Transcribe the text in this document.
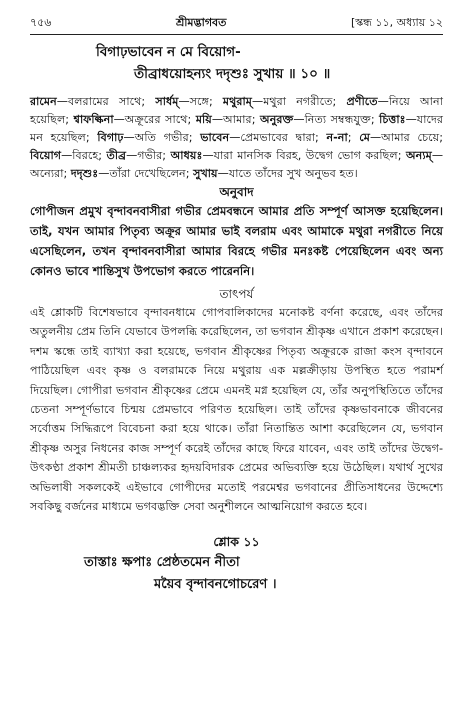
৭৫৬	শ্রীমদ্ভাগবত	[স্কন্ধ ১১, অধ্যায় ১২
বিগাঢ়ভাবেন ন মে বিয়োগ-
তীব্রাধয়োহন্যং দদৃশুঃ সুখায় ॥ ১০ ॥
রামেন—বলরামের সাথে; সার্ধম্—সঙ্গে; মথুরাম্—মথুরা নগরীতে; প্রণীতে—নিয়ে আনা হয়েছিল; শ্বাফল্কিনা—অক্রূরের সাথে; ময়ি—আমার; অনুরক্ত—নিত্য সম্বন্ধযুক্ত; চিত্তাঃ—যাদের মন হয়েছিল; বিগাঢ়—অতি গভীর; ভাবেন—প্রেমভাবের দ্বারা; ন-না; মে—আমার চেয়ে; বিয়োগ—বিরহে; তীব্র—গভীর; আধয়ঃ—যারা মানসিক বিরহ, উদ্বেগ ভোগ করছিল; অন্যম্—অন্যেরা; দদৃশুঃ—তাঁরা দেখেছিলেন; সুখায়—যাতে তাঁদের সুখ অনুভব হত।
অনুবাদ
গোপীজন প্রমুখ বৃন্দাবনবাসীরা গভীর প্রেমবন্ধনে আমার প্রতি সম্পূর্ণ আসক্ত হয়েছিলেন। তাই, যখন আমার পিতৃব্য অক্রূর আমার ভাই বলরাম এবং আমাকে মথুরা নগরীতে নিয়ে এসেছিলেন, তখন বৃন্দাবনবাসীরা আমার বিরহে গভীর মনঃকষ্ট পেয়েছিলেন এবং অন্য কোনও ভাবে শান্তিসুখ উপভোগ করতে পারেননি।
তাৎপর্য

এই শ্লোকটি বিশেষভাবে বৃন্দাবনধামে গোপবালিকাদের মনোকষ্ট বর্ণনা করেছে, এবং তাঁদের অতুলনীয় প্রেম তিনি যেভাবে উপলব্ধি করেছিলেন, তা ভগবান শ্রীকৃষ্ণ এখানে প্রকাশ করেছেন। দশম স্কন্ধে তাই ব্যাখ্যা করা হয়েছে, ভগবান শ্রীকৃষ্ণের পিতৃব্য অক্রূরকে রাজা কংস বৃন্দাবনে পাঠিয়েছিল এবং কৃষ্ণ ও বলরামকে নিয়ে মথুরায় এক মল্লক্রীড়ায় উপস্থিত হতে পরামর্শ দিয়েছিল। গোপীরা ভগবান শ্রীকৃষ্ণের প্রেমে এমনই মগ্ন হয়েছিল যে, তাঁর অনুপস্থিতিতে তাঁদের চেতনা সম্পূর্ণভাবে চিন্ময় প্রেমভাবে পরিণত হয়েছিল। তাই তাঁদের কৃষ্ণভাবনাকে জীবনের সর্বোত্তম সিদ্ধিরূপে বিবেচনা করা হয়ে থাকে। তাঁরা নিতান্তিত আশা করেছিলেন যে, ভগবান শ্রীকৃষ্ণ অসুর নিধনের কাজ সম্পূর্ণ করেই তাঁদের কাছে ফিরে যাবেন, এবং তাই তাঁদের উদ্বেগ-উৎকণ্ঠা প্রকাশ শ্রীমতী চাঞ্চল্যকর হৃদয়বিদারক প্রেমের অভিব্যক্তি হয়ে উঠেছিল। যথার্থ সুখের অভিলাষী সকলকেই এইভাবে গোপীদের মতোই পরমেশ্বর ভগবানের প্রীতিসাধনের উদ্দেশ্যে সবকিছু বর্জনের মাধ্যমে ভগবদ্ভক্তি সেবা অনুশীলনে আত্মনিয়োগ করতে হবে।

শ্লোক ১১
তাস্তাঃ ক্ষপাঃ প্রেষ্ঠতমেন নীতা
ময়ৈব বৃন্দাবনগোচরেণ ।
